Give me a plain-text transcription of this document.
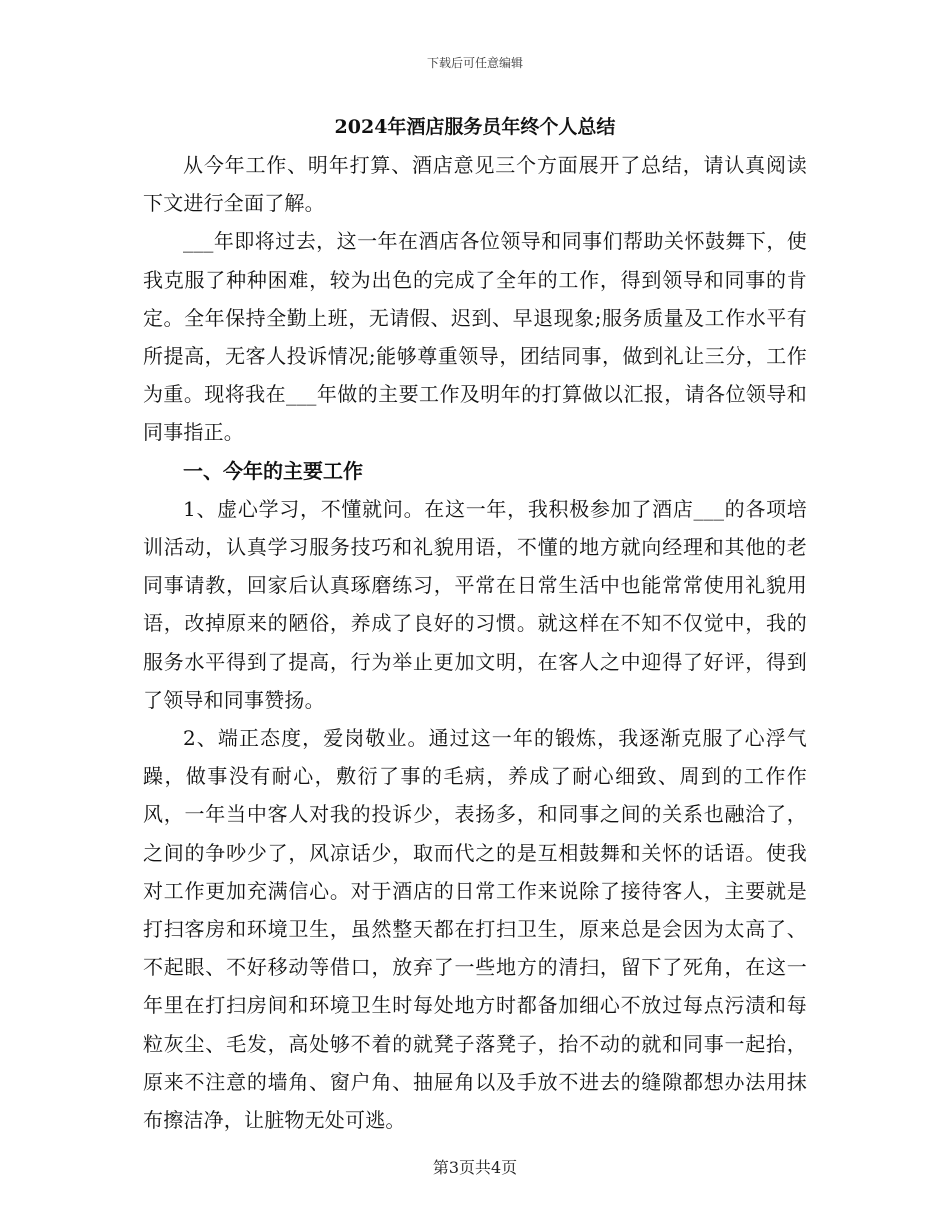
下载后可任意编辑
2024年酒店服务员年终个人总结

从今年工作、明年打算、酒店意见三个方面展开了总结，请认真阅读下文进行全面了解。

___年即将过去，这一年在酒店各位领导和同事们帮助关怀鼓舞下，使我克服了种种困难，较为出色的完成了全年的工作，得到领导和同事的肯定。全年保持全勤上班，无请假、迟到、早退现象;服务质量及工作水平有所提高，无客人投诉情况;能够尊重领导，团结同事，做到礼让三分，工作为重。现将我在___年做的主要工作及明年的打算做以汇报，请各位领导和同事指正。

一、今年的主要工作

1、虚心学习，不懂就问。在这一年，我积极参加了酒店___的各项培训活动，认真学习服务技巧和礼貌用语，不懂的地方就向经理和其他的老同事请教，回家后认真琢磨练习，平常在日常生活中也能常常使用礼貌用语，改掉原来的陋俗，养成了良好的习惯。就这样在不知不仅觉中，我的服务水平得到了提高，行为举止更加文明，在客人之中迎得了好评，得到了领导和同事赞扬。

2、端正态度，爱岗敬业。通过这一年的锻炼，我逐渐克服了心浮气躁，做事没有耐心，敷衍了事的毛病，养成了耐心细致、周到的工作作风，一年当中客人对我的投诉少，表扬多，和同事之间的关系也融洽了，之间的争吵少了，风凉话少，取而代之的是互相鼓舞和关怀的话语。使我对工作更加充满信心。对于酒店的日常工作来说除了接待客人，主要就是打扫客房和环境卫生，虽然整天都在打扫卫生，原来总是会因为太高了、不起眼、不好移动等借口，放弃了一些地方的清扫，留下了死角，在这一年里在打扫房间和环境卫生时每处地方时都备加细心不放过每点污渍和每粒灰尘、毛发，高处够不着的就凳子落凳子，抬不动的就和同事一起抬，原来不注意的墙角、窗户角、抽屉角以及手放不进去的缝隙都想办法用抹布擦洁净，让脏物无处可逃。

第3页共4页
